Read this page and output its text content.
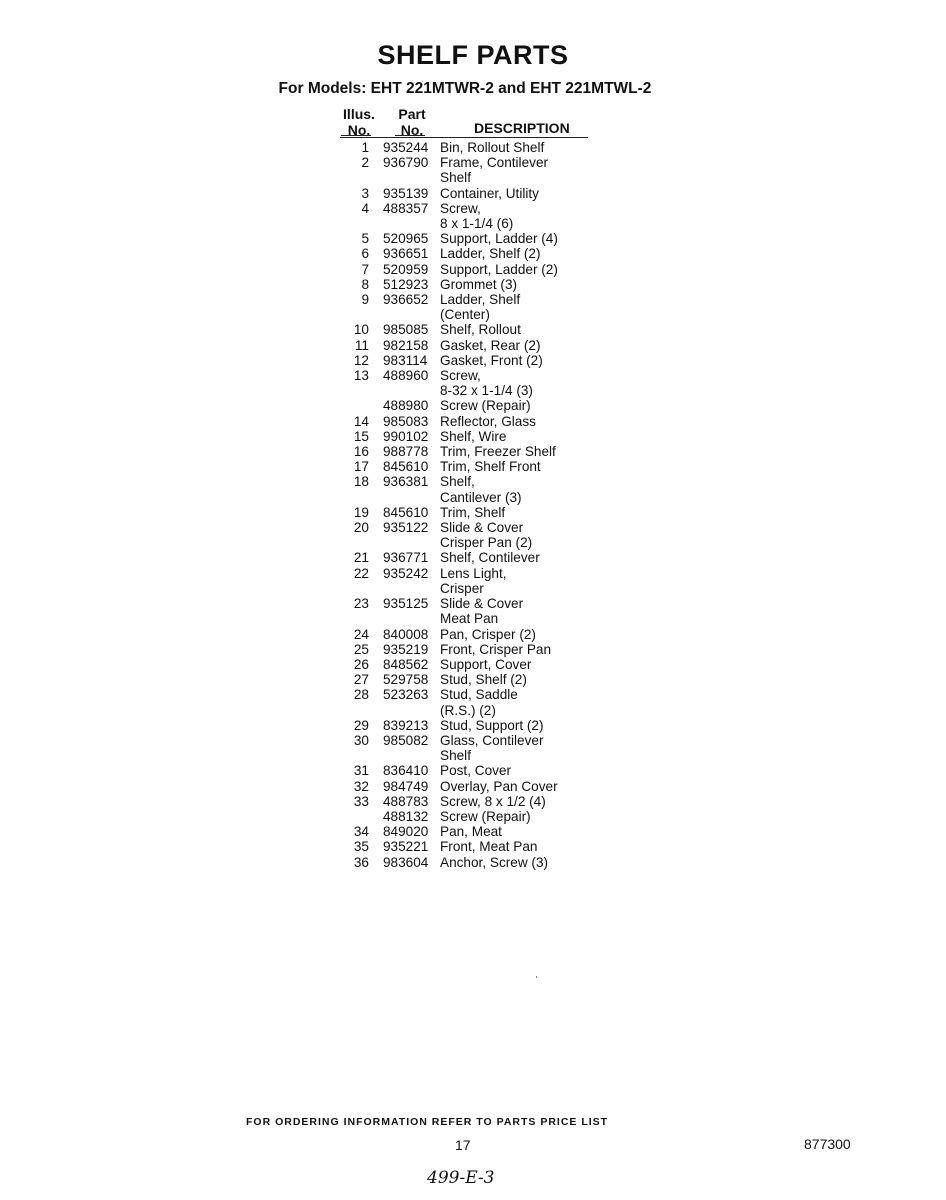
SHELF PARTS
For Models: EHT 221MTWR-2 and EHT 221MTWL-2
Illus.
No.
Part
No.	DESCRIPTION
1 935244 Bin, Rollout Shelf
2 936790 Frame, Contilever
Shelf
3 935139 Container, Utility
4 488357 Screw,
8 x 1-1/4 (6)
5 520965 Support, Ladder (4)
6 936651 Ladder, Shelf (2)
7 520959 Support, Ladder (2)
8 512923 Grommet (3)
9 936652 Ladder, Shelf
(Center)
10 985085 Shelf, Rollout
11 982158 Gasket, Rear (2)
12 983114 Gasket, Front (2)
13 488960 Screw,
8-32 x 1-1/4 (3)
488980 Screw (Repair)
14 985083 Reflector, Glass
15 990102 Shelf, Wire
16 988778 Trim, Freezer Shelf
17 845610 Trim, Shelf Front
18 936381 Shelf,
Cantilever (3)
19 845610 Trim, Shelf
20 935122 Slide & Cover
Crisper Pan (2)
21 936771 Shelf, Contilever
22 935242 Lens Light,
Crisper
23 935125 Slide & Cover
Meat Pan
24 840008 Pan, Crisper (2)
25 935219 Front, Crisper Pan
26 848562 Support, Cover
27 529758 Stud, Shelf (2)
28 523263 Stud, Saddle
(R.S.) (2)
29 839213 Stud, Support (2)
30 985082 Glass, Contilever
Shelf
31 836410 Post, Cover
32 984749 Overlay, Pan Cover
33 488783 Screw, 8 x 1/2 (4)
488132 Screw (Repair)
34 849020 Pan, Meat
35 935221 Front, Meat Pan
36 983604 Anchor, Screw (3)
FOR ORDERING INFORMATION REFER TO PARTS PRICE LIST
17	877300
499-E-3
